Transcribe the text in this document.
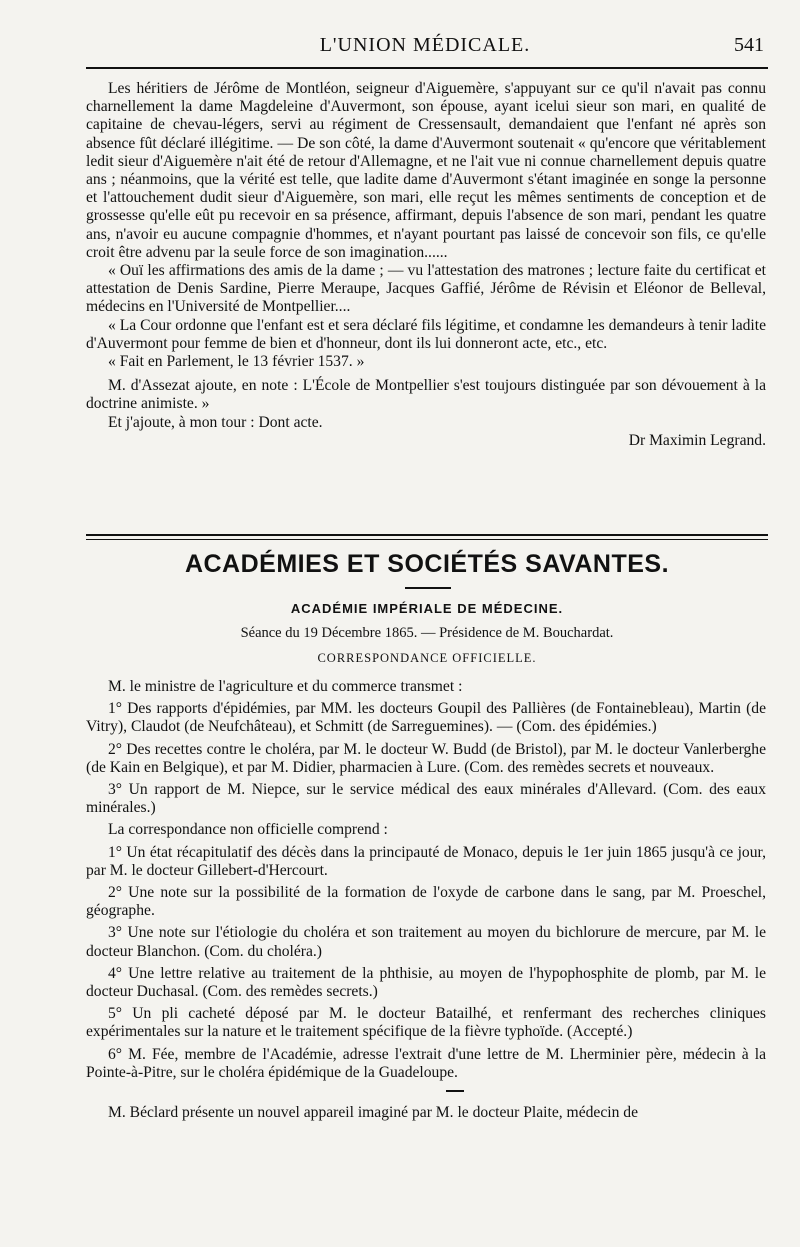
L'UNION MÉDICALE.	541

Les héritiers de Jérôme de Montléon, seigneur d'Aiguemère, s'appuyant sur ce qu'il n'avait pas connu charnellement la dame Magdeleine d'Auvermont, son épouse, ayant icelui sieur son mari, en qualité de capitaine de chevau-légers, servi au régiment de Cressensault, demandaient que l'enfant né après son absence fût déclaré illégitime. — De son côté, la dame d'Auvermont soutenait « qu'encore que véritablement ledit sieur d'Aiguemère n'ait été de retour d'Allemagne, et ne l'ait vue ni connue charnellement depuis quatre ans ; néanmoins, que la vérité est telle, que ladite dame d'Auvermont s'étant imaginée en songe la personne et l'attouchement dudit sieur d'Aiguemère, son mari, elle reçut les mêmes sentiments de conception et de grossesse qu'elle eût pu recevoir en sa présence, affirmant, depuis l'absence de son mari, pendant les quatre ans, n'avoir eu aucune compagnie d'hommes, et n'ayant pourtant pas laissé de concevoir son fils, ce qu'elle croit être advenu par la seule force de son imagination......

« Ouï les affirmations des amis de la dame ; — vu l'attestation des matrones ; lecture faite du certificat et attestation de Denis Sardine, Pierre Meraupe, Jacques Gaffié, Jérôme de Révisin et Eléonor de Belleval, médecins en l'Université de Montpellier....

« La Cour ordonne que l'enfant est et sera déclaré fils légitime, et condamne les demandeurs à tenir ladite d'Auvermont pour femme de bien et d'honneur, dont ils lui donneront acte, etc., etc.

« Fait en Parlement, le 13 février 1537. »

M. d'Assezat ajoute, en note : L'École de Montpellier s'est toujours distinguée par son dévouement à la doctrine animiste. »

Et j'ajoute, à mon tour : Dont acte.

Dr Maximin Legrand.

ACADÉMIES ET SOCIÉTÉS SAVANTES.
ACADÉMIE IMPÉRIALE DE MÉDECINE.
Séance du 19 Décembre 1865. — Présidence de M. Bouchardat.
CORRESPONDANCE OFFICIELLE.

M. le ministre de l'agriculture et du commerce transmet :

1° Des rapports d'épidémies, par MM. les docteurs Goupil des Pallières (de Fontainebleau), Martin (de Vitry), Claudot (de Neufchâteau), et Schmitt (de Sarreguemines). — (Com. des épidémies.)

2° Des recettes contre le choléra, par M. le docteur W. Budd (de Bristol), par M. le docteur Vanlerberghe (de Kain en Belgique), et par M. Didier, pharmacien à Lure. (Com. des remèdes secrets et nouveaux.

3° Un rapport de M. Niepce, sur le service médical des eaux minérales d'Allevard. (Com. des eaux minérales.)

La correspondance non officielle comprend :

1° Un état récapitulatif des décès dans la principauté de Monaco, depuis le 1er juin 1865 jusqu'à ce jour, par M. le docteur Gillebert-d'Hercourt.

2° Une note sur la possibilité de la formation de l'oxyde de carbone dans le sang, par M. Proeschel, géographe.

3° Une note sur l'étiologie du choléra et son traitement au moyen du bichlorure de mercure, par M. le docteur Blanchon. (Com. du choléra.)

4° Une lettre relative au traitement de la phthisie, au moyen de l'hypophosphite de plomb, par M. le docteur Duchasal. (Com. des remèdes secrets.)

5° Un pli cacheté déposé par M. le docteur Batailhé, et renfermant des recherches cliniques expérimentales sur la nature et le traitement spécifique de la fièvre typhoïde. (Accepté.)

6° M. Fée, membre de l'Académie, adresse l'extrait d'une lettre de M. Lherminier père, médecin à la Pointe-à-Pitre, sur le choléra épidémique de la Guadeloupe.

M. Béclard présente un nouvel appareil imaginé par M. le docteur Plaite, médecin de
